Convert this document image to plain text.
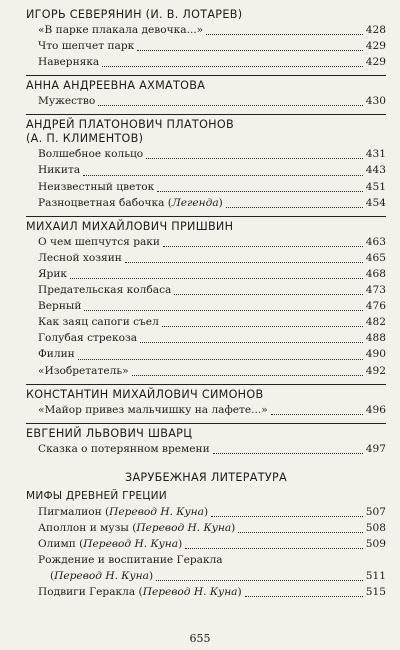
ИГОРЬ СЕВЕРЯНИН (И. В. ЛОТАРЕВ)
«В парке плакала девочка...»	428
Что шепчет парк	429
Наверняка	429
АННА АНДРЕЕВНА АХМАТОВА
Мужество	430
АНДРЕЙ ПЛАТОНОВИЧ ПЛАТОНОВ
(А. П. КЛИМЕНТОВ)
Волшебное кольцо	431
Никита	443
Неизвестный цветок	451
Разноцветная бабочка (Легенда)	454
МИХАИЛ МИХАЙЛОВИЧ ПРИШВИН
О чем шепчутся раки	463
Лесной хозяин	465
Ярик	468
Предательская колбаса	473
Верный	476
Как заяц сапоги съел	482
Голубая стрекоза	488
Филин	490
«Изобретатель»	492
КОНСТАНТИН МИХАЙЛОВИЧ СИМОНОВ
«Майор привез мальчишку на лафете...»	496
ЕВГЕНИЙ ЛЬВОВИЧ ШВАРЦ
Сказка о потерянном времени	497
ЗАРУБЕЖНАЯ ЛИТЕРАТУРА
МИФЫ ДРЕВНЕЙ ГРЕЦИИ
Пигмалион (Перевод Н. Куна)	507
Аполлон и музы (Перевод Н. Куна)	508
Олимп (Перевод Н. Куна)	509
Рождение и воспитание Геракла
(Перевод Н. Куна)	511
Подвиги Геракла (Перевод Н. Куна)	515
655
